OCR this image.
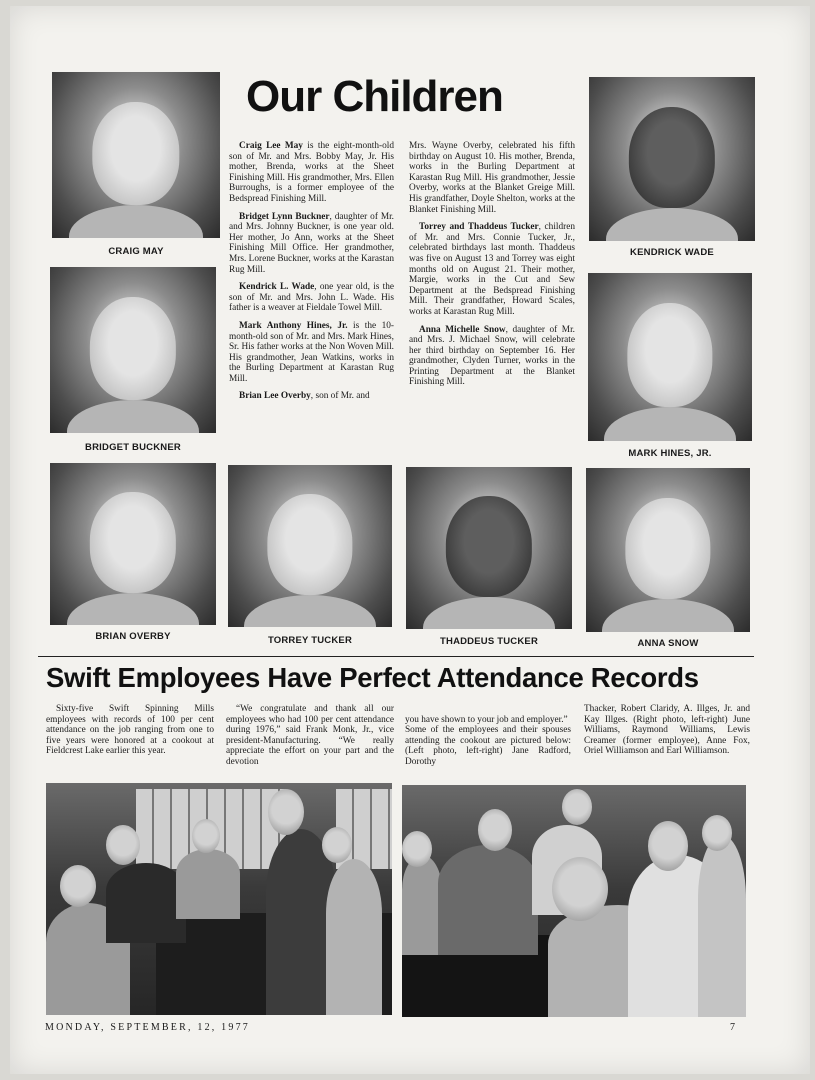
Our Children
CRAIG MAY	KENDRICK WADE
BRIDGET BUCKNER
MARK HINES, JR.
BRIAN OVERBY	TORREY TUCKER	THADDEUS TUCKER	ANNA SNOW

Craig Lee May is the eight-month-old son of Mr. and Mrs. Bobby May, Jr. His mother, Brenda, works at the Sheet Finishing Mill. His grandmother, Mrs. Ellen Burroughs, is a former employee of the Bedspread Finishing Mill.

Bridget Lynn Buckner, daughter of Mr. and Mrs. Johnny Buckner, is one year old. Her mother, Jo Ann, works at the Sheet Finishing Mill Office. Her grandmother, Mrs. Lorene Buckner, works at the Karastan Rug Mill.

Kendrick L. Wade, one year old, is the son of Mr. and Mrs. John L. Wade. His father is a weaver at Fieldale Towel Mill.

Mark Anthony Hines, Jr. is the 10-month-old son of Mr. and Mrs. Mark Hines, Sr. His father works at the Non Woven Mill. His grandmother, Jean Watkins, works in the Burling Department at Karastan Rug Mill.

Brian Lee Overby, son of Mr. and

Mrs. Wayne Overby, celebrated his fifth birthday on August 10. His mother, Brenda, works in the Burling Department at Karastan Rug Mill. His grandmother, Jessie Overby, works at the Blanket Greige Mill. His grandfather, Doyle Shelton, works at the Blanket Finishing Mill.

Torrey and Thaddeus Tucker, children of Mr. and Mrs. Connie Tucker, Jr., celebrated birthdays last month. Thaddeus was five on August 13 and Torrey was eight months old on August 21. Their mother, Margie, works in the Cut and Sew Department at the Bedspread Finishing Mill. Their grandfather, Howard Scales, works at Karastan Rug Mill.

Anna Michelle Snow, daughter of Mr. and Mrs. J. Michael Snow, will celebrate her third birthday on September 16. Her grandmother, Clyden Turner, works in the Printing Department at the Blanket Finishing Mill.

Swift Employees Have Perfect Attendance Records

Sixty-five Swift Spinning Mills employees with records of 100 per cent attendance on the job ranging from one to five years were honored at a cookout at Fieldcrest Lake earlier this year.

“We congratulate and thank all our employees who had 100 per cent attendance during 1976,” said Frank Monk, Jr., vice president-Manufacturing. “We really appreciate the effort on your part and the devotion

you have shown to your job and employer.”
Some of the employees and their spouses attending the cookout are pictured below: (Left photo, left-right) Jane Radford, Dorothy

Thacker, Robert Claridy, A. Illges, Jr. and Kay Illges. (Right photo, left-right) June Williams, Raymond Williams, Lewis Creamer (former employee), Anne Fox, Oriel Williamson and Earl Williamson.

MONDAY, SEPTEMBER, 12, 1977	7
